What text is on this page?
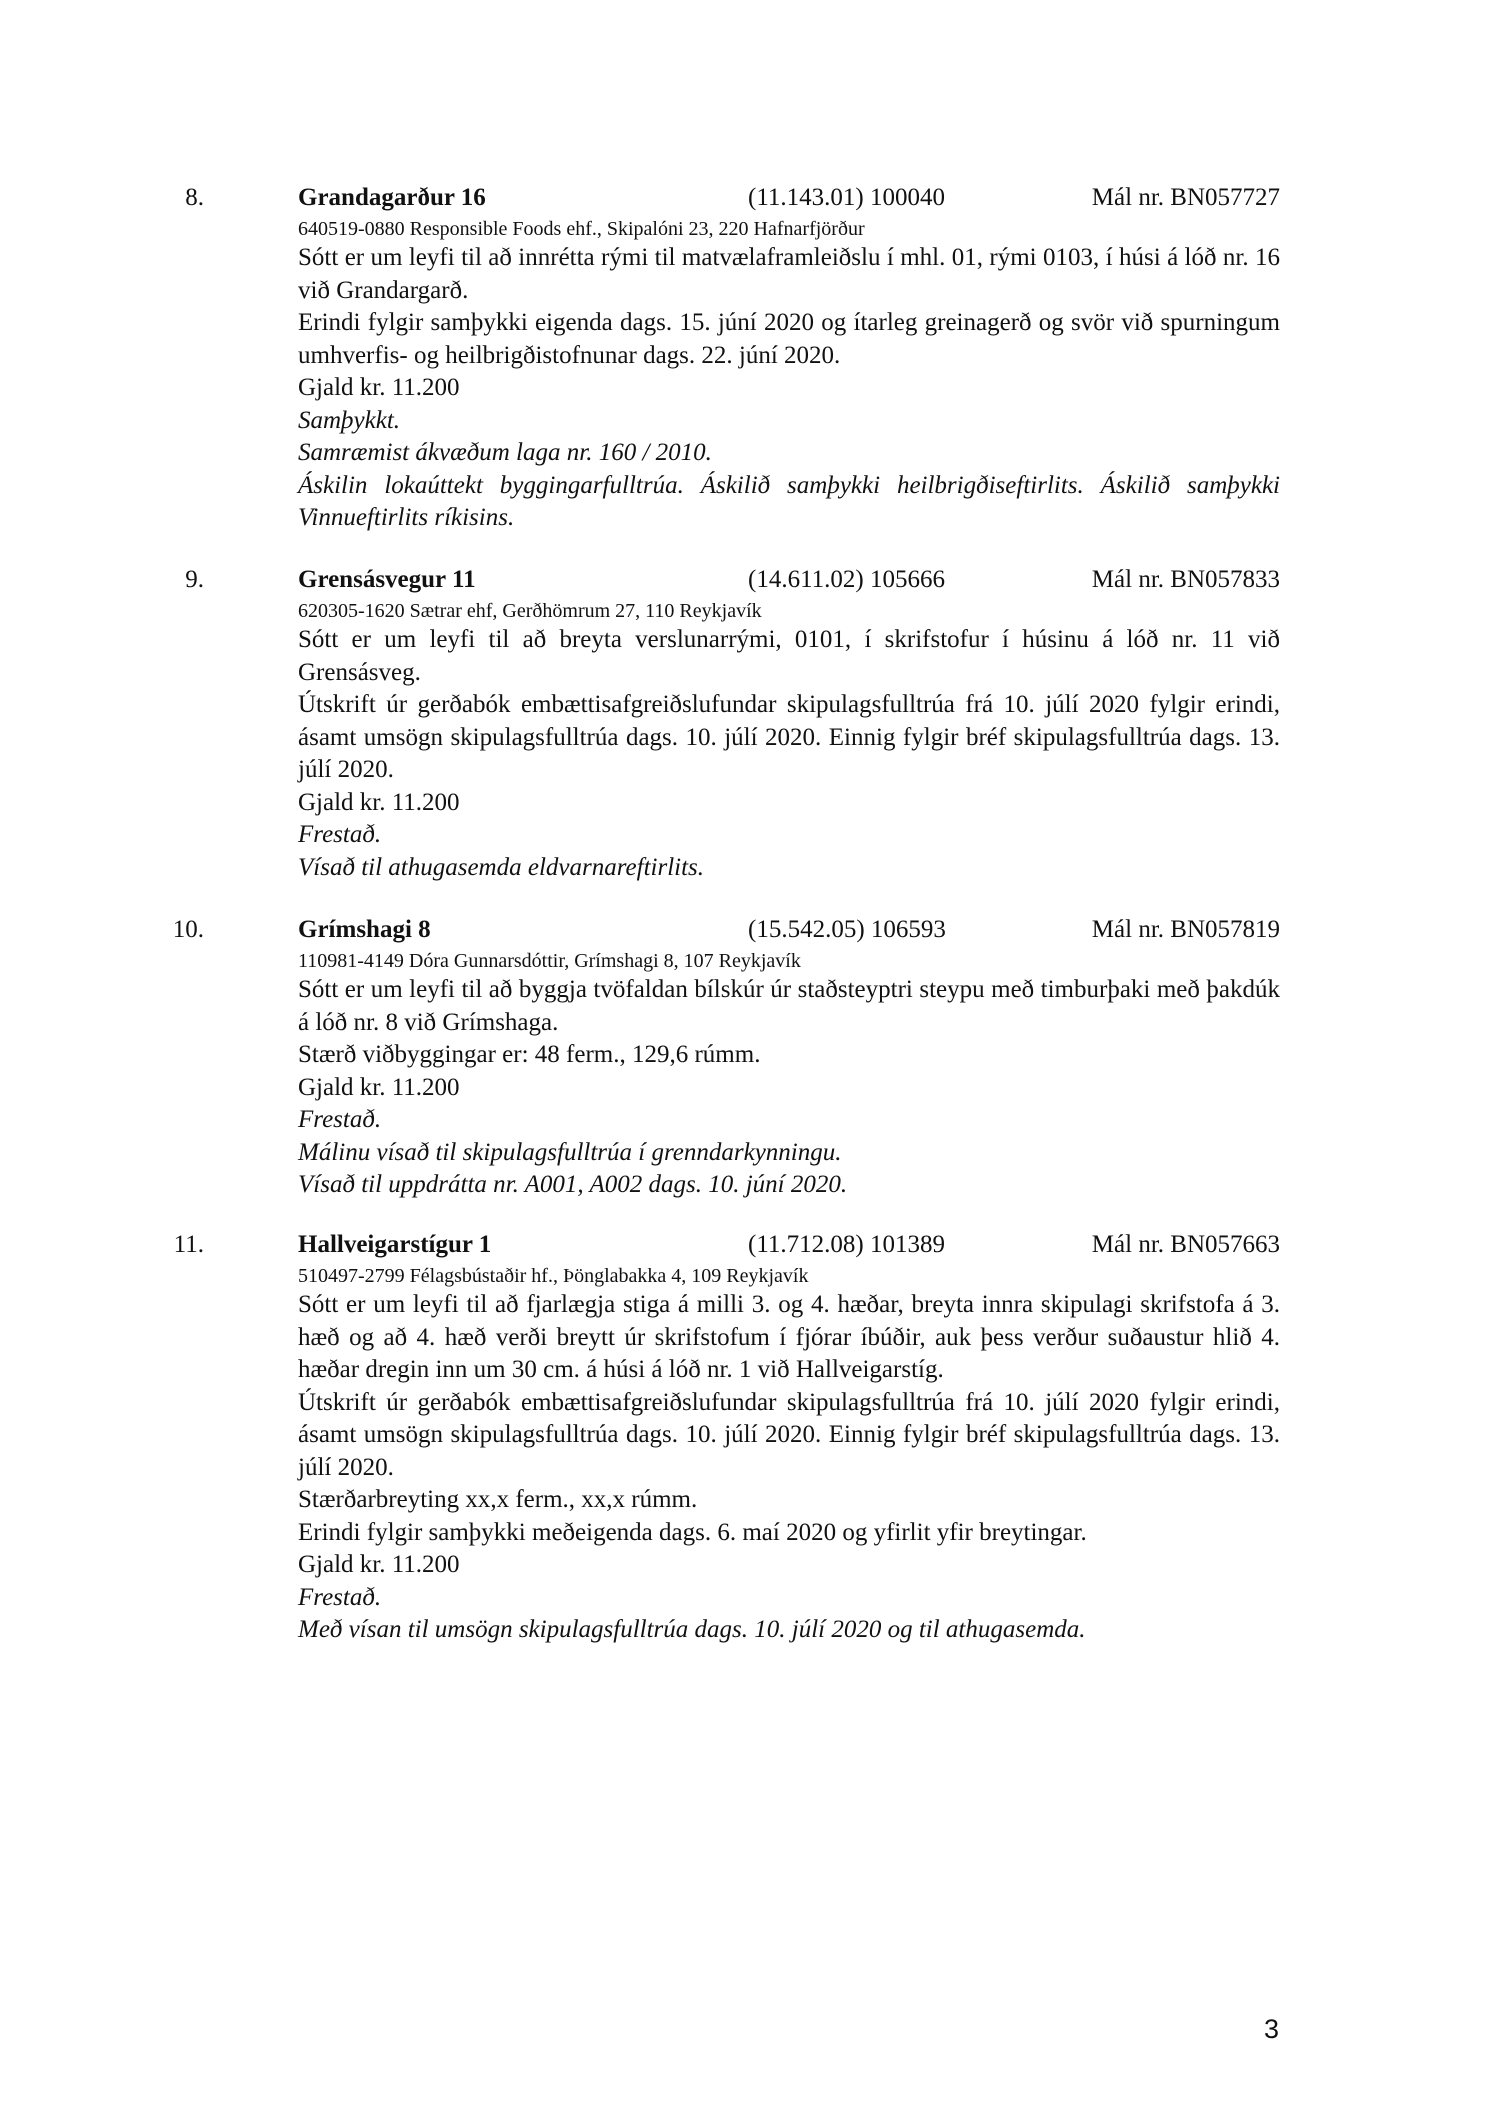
8.	Grandagarður 16	(11.143.01) 100040	Mál nr. BN057727
640519-0880 Responsible Foods ehf., Skipalóni 23, 220 Hafnarfjörður
Sótt er um leyfi til að innrétta rými til matvælaframleiðslu í mhl. 01, rými 0103, í húsi á lóð nr. 16 við Grandargarð.
Erindi fylgir samþykki eigenda dags. 15. júní 2020 og ítarleg greinagerð og svör við spurningum umhverfis- og heilbrigðistofnunar dags. 22. júní 2020.
Gjald kr. 11.200
Samþykkt.
Samræmist ákvæðum laga nr. 160 / 2010.
Áskilin lokaúttekt byggingarfulltrúa. Áskilið samþykki heilbrigðiseftirlits. Áskilið samþykki Vinnueftirlits ríkisins.
9.	Grensásvegur 11	(14.611.02) 105666	Mál nr. BN057833
620305-1620 Sætrar ehf, Gerðhömrum 27, 110 Reykjavík
Sótt er um leyfi til að breyta verslunarrými, 0101, í skrifstofur í húsinu á lóð nr. 11 við Grensásveg.
Útskrift úr gerðabók embættisafgreiðslufundar skipulagsfulltrúa frá 10. júlí 2020 fylgir erindi, ásamt umsögn skipulagsfulltrúa dags. 10. júlí 2020. Einnig fylgir bréf skipulagsfulltrúa dags. 13. júlí 2020.
Gjald kr. 11.200
Frestað.
Vísað til athugasemda eldvarnareftirlits.
10.	Grímshagi 8	(15.542.05) 106593	Mál nr. BN057819
110981-4149 Dóra Gunnarsdóttir, Grímshagi 8, 107 Reykjavík
Sótt er um leyfi til að byggja tvöfaldan bílskúr úr staðsteyptri steypu með timburþaki með þakdúk á lóð nr. 8 við Grímshaga.
Stærð viðbyggingar er: 48 ferm., 129,6 rúmm.
Gjald kr. 11.200
Frestað.
Málinu vísað til skipulagsfulltrúa í grenndarkynningu.
Vísað til uppdrátta nr. A001, A002 dags. 10. júní 2020.
11.	Hallveigarstígur 1	(11.712.08) 101389	Mál nr. BN057663
510497-2799 Félagsbústaðir hf., Þönglabakka 4, 109 Reykjavík
Sótt er um leyfi til að fjarlægja stiga á milli 3. og 4. hæðar, breyta innra skipulagi skrifstofa á 3. hæð og að 4. hæð verði breytt úr skrifstofum í fjórar íbúðir, auk þess verður suðaustur hlið 4. hæðar dregin inn um 30 cm. á húsi á lóð nr. 1 við Hallveigarstíg.
Útskrift úr gerðabók embættisafgreiðslufundar skipulagsfulltrúa frá 10. júlí 2020 fylgir erindi, ásamt umsögn skipulagsfulltrúa dags. 10. júlí 2020. Einnig fylgir bréf skipulagsfulltrúa dags. 13. júlí 2020.
Stærðarbreyting xx,x ferm., xx,x rúmm.
Erindi fylgir samþykki meðeigenda dags. 6. maí 2020 og yfirlit yfir breytingar.
Gjald kr. 11.200
Frestað.
Með vísan til umsögn skipulagsfulltrúa dags. 10. júlí 2020 og til athugasemda.
3
